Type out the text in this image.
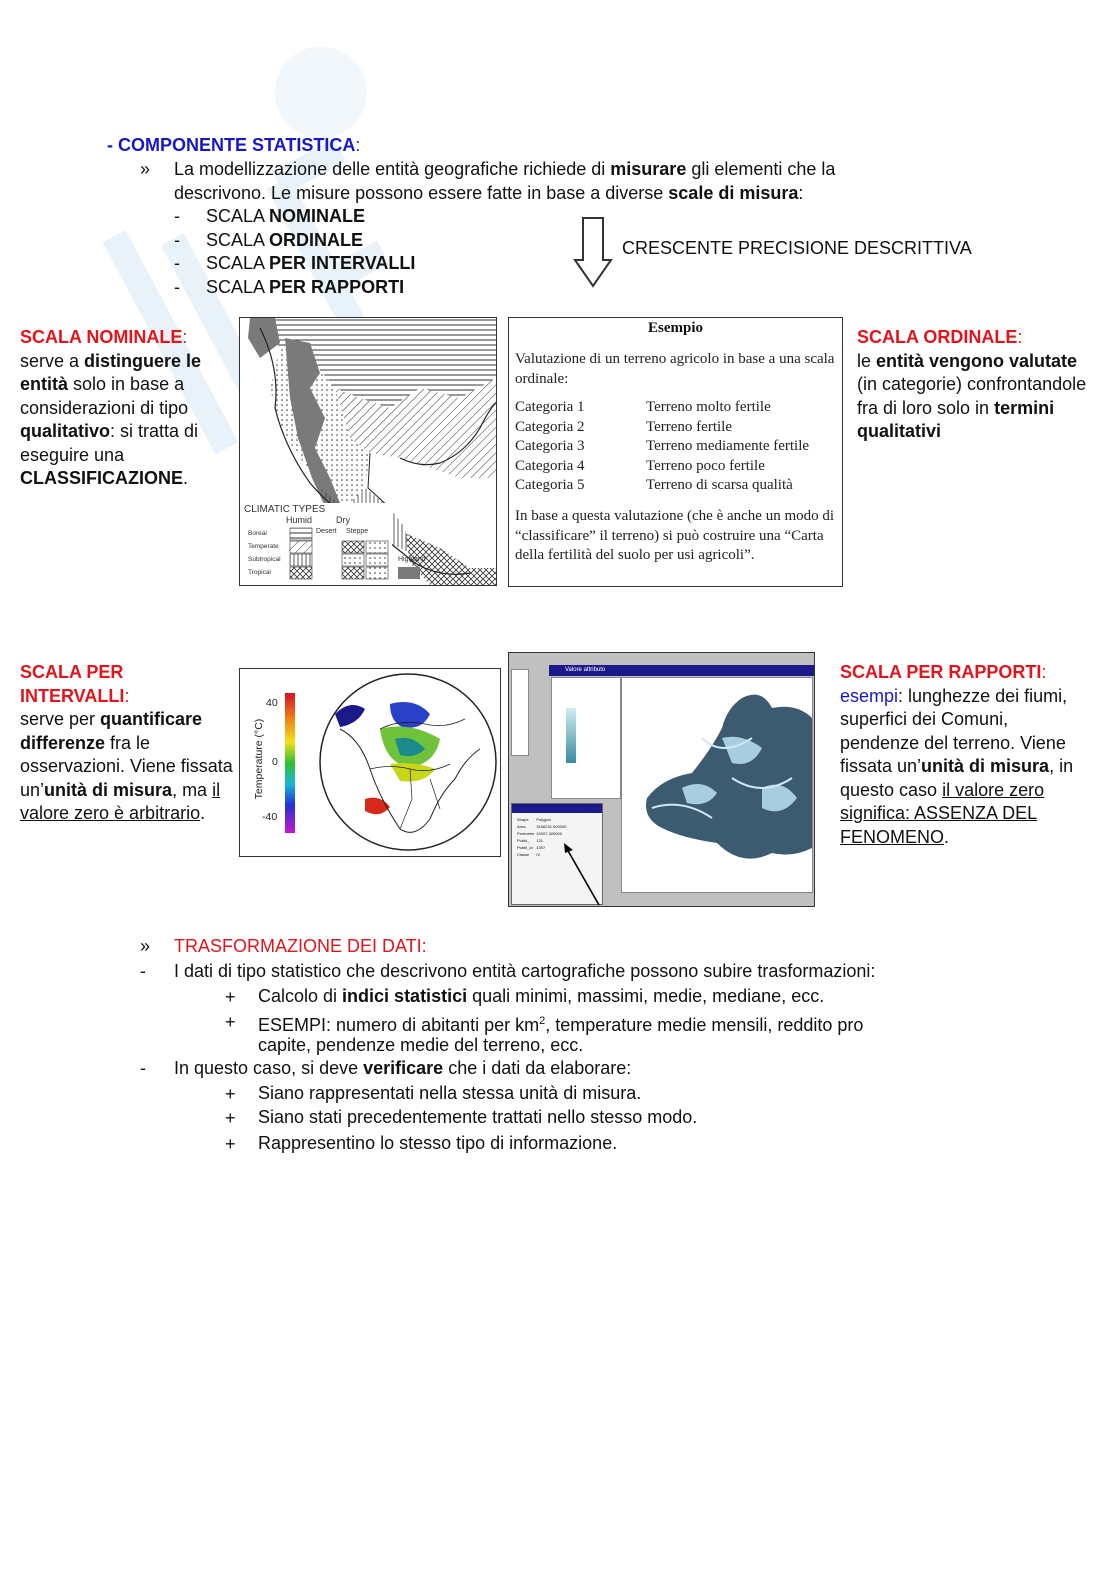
- COMPONENTE STATISTICA:
» La modellizzazione delle entità geografiche richiede di misurare gli elementi che la
descrivono. Le misure possono essere fatte in base a diverse scale di misura:
- SCALA NOMINALE
- SCALA ORDINALE
- SCALA PER INTERVALLI
- SCALA PER RAPPORTI
CRESCENTE PRECISIONE DESCRITTIVA
SCALA NOMINALE:
serve a distinguere le entità solo in base a considerazioni di tipo qualitativo: si tratta di eseguire una CLASSIFICAZIONE.
CLIMATIC TYPES
Humid	Dry
Desert Steppe
Boreal
Temperate
Subtropical
Tropical
Highland
Esempio
Valutazione di un terreno agricolo in base a una scala ordinale:
Categoria 1	Terreno molto fertile
Categoria 2	Terreno fertile
Categoria 3	Terreno mediamente fertile
Categoria 4	Terreno poco fertile
Categoria 5	Terreno di scarsa qualità
In base a questa valutazione (che è anche un modo di “classificare” il terreno) si può costruire una “Carta della fertilità del suolo per usi agricoli”.
SCALA ORDINALE:
le entità vengono valutate (in categorie) confrontandole fra di loro solo in termini qualitativi
SCALA PER
INTERVALLI:
serve per quantificare differenze fra le osservazioni. Viene fissata un’unità di misura, ma il valore zero è arbitrario.
Temperature (°C)
40
0
-40
Valore attributo
Shape	Polygon
Area	3166231.000000
Perimeter	10007.420000
Pubbl_	121
Pubbl_id	1097
Classe	IV
SCALA PER RAPPORTI:
esempi: lunghezze dei fiumi, superfici dei Comuni, pendenze del terreno. Viene fissata un’unità di misura, in questo caso il valore zero significa: ASSENZA DEL FENOMENO.
» TRASFORMAZIONE DEI DATI:
- I dati di tipo statistico che descrivono entità cartografiche possono subire trasformazioni:
+ Calcolo di indici statistici quali minimi, massimi, medie, mediane, ecc.
+ ESEMPI: numero di abitanti per $km^2$, temperature medie mensili, reddito pro
capite, pendenze medie del terreno, ecc.
- In questo caso, si deve verificare che i dati da elaborare:
+ Siano rappresentati nella stessa unità di misura.
+ Siano stati precedentemente trattati nello stesso modo.
+ Rappresentino lo stesso tipo di informazione.
